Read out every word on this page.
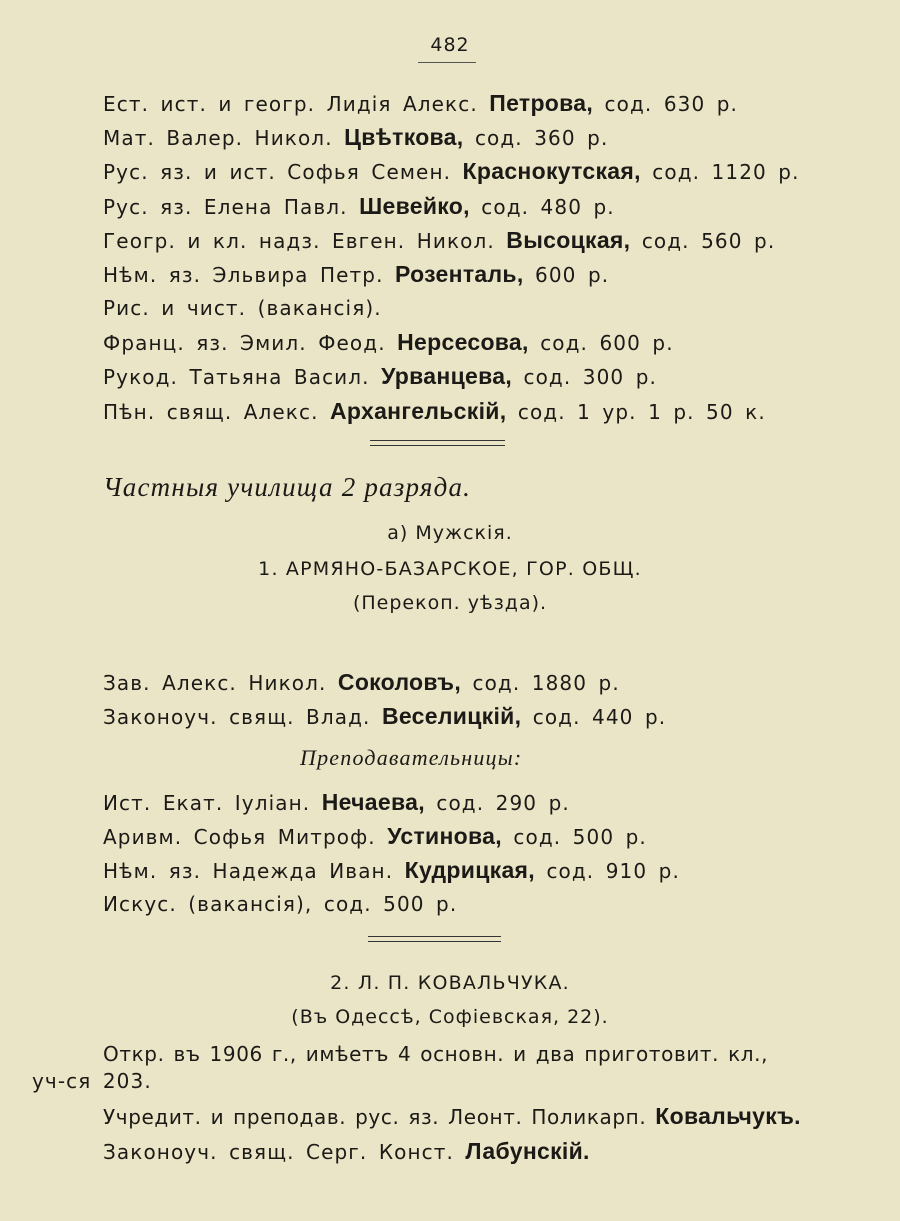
482
Ест. ист. и геогр. Лидія Алекс. Петрова, сод. 630 р.
Мат. Валер. Никол. Цвѣткова, сод. 360 р.
Рус. яз. и ист. Софья Семен. Краснокутская, сод. 1120 р.
Рус. яз. Елена Павл. Шевейко, сод. 480 р.
Геогр. и кл. надз. Евген. Никол. Высоцкая, сод. 560 р.
Нѣм. яз. Эльвира Петр. Розенталь, 600 р.
Рис. и чист. (вакансія).
Франц. яз. Эмил. Феод. Нерсесова, сод. 600 р.
Рукод. Татьяна Васил. Урванцева, сод. 300 р.
Пѣн. свящ. Алекс. Архангельскій, сод. 1 ур. 1 р. 50 к.
Частныя училища 2 разряда.
а) Мужскія.
1. АРМЯНО-БАЗАРСКОЕ, ГОР. ОБЩ.
(Перекоп. уѣзда).
Зав. Алекс. Никол. Соколовъ, сод. 1880 р.
Законоуч. свящ. Влад. Веселицкій, сод. 440 р.
Преподавательницы:
Ист. Екат. Іуліан. Нечаева, сод. 290 р.
Аривм. Софья Митроф. Устинова, сод. 500 р.
Нѣм. яз. Надежда Иван. Кудрицкая, сод. 910 р.
Искус. (вакансія), сод. 500 р.
2. Л. П. КОВАЛЬЧУКА.
(Въ Одессѣ, Софіевская, 22).
Откр. въ 1906 г., имѣетъ 4 основн. и два приготовит. кл.,
уч-ся 203.
Учредит. и преподав. рус. яз. Леонт. Поликарп. Ковальчукъ.
Законоуч. свящ. Серг. Конст. Лабунскій.
